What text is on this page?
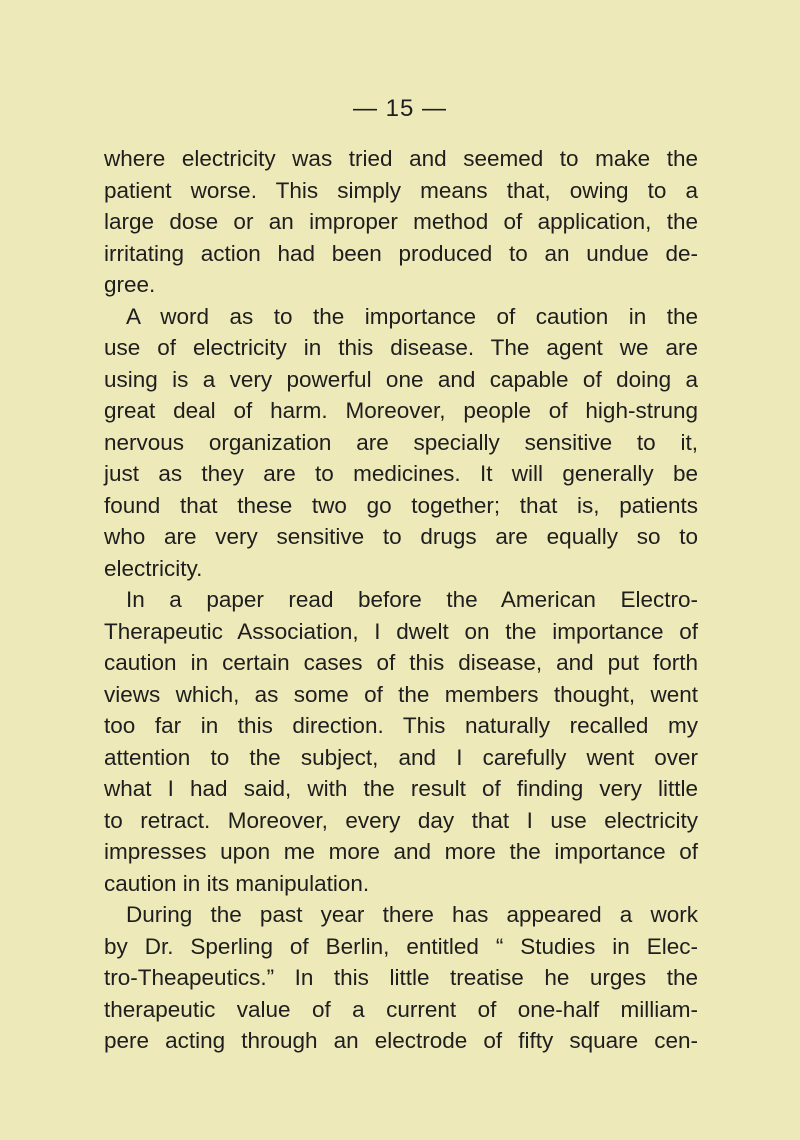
— 15 —
where electricity was tried and seemed to make the
patient worse. This simply means that, owing to a
large dose or an improper method of application, the
irritating action had been produced to an undue de-
gree.
A word as to the importance of caution in the
use of electricity in this disease. The agent we are
using is a very powerful one and capable of doing a
great deal of harm. Moreover, people of high-strung
nervous organization are specially sensitive to it,
just as they are to medicines. It will generally be
found that these two go together; that is, patients
who are very sensitive to drugs are equally so to
electricity.
In a paper read before the American Electro-
Therapeutic Association, I dwelt on the importance of
caution in certain cases of this disease, and put forth
views which, as some of the members thought, went
too far in this direction. This naturally recalled my
attention to the subject, and I carefully went over
what I had said, with the result of finding very little
to retract. Moreover, every day that I use electricity
impresses upon me more and more the importance of
caution in its manipulation.
During the past year there has appeared a work
by Dr. Sperling of Berlin, entitled “ Studies in Elec-
tro-Theapeutics.” In this little treatise he urges the
therapeutic value of a current of one-half milliam-
pere acting through an electrode of fifty square cen-
